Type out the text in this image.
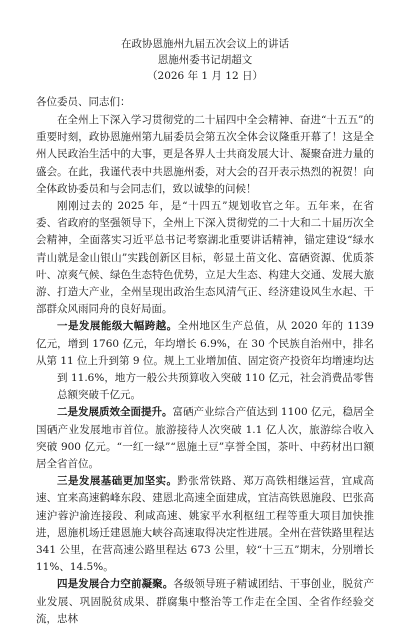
在政协恩施州九届五次会议上的讲话
恩施州委书记胡超文
（2026 年 1 月 12 日）
各位委员、同志们：

在全州上下深入学习贯彻党的二十届四中全会精神、奋进“十五五”的重要时刻，政协恩施州第九届委员会第五次全体会议隆重开幕了！这是全州人民政治生活中的大事，更是各界人士共商发展大计、凝聚奋进力量的盛会。在此，我谨代表中共恩施州委，对大会的召开表示热烈的祝贺！向全体政协委员和与会同志们，致以诚挚的问候！

刚刚过去的 2025 年，是“十四五”规划收官之年。五年来，在省委、省政府的坚强领导下，全州上下深入贯彻党的二十大和二十届历次全会精神，全面落实习近平总书记考察湖北重要讲话精神，锚定建设“绿水青山就是金山银山”实践创新区目标，彰显土苗文化、富硒资源、优质茶叶、凉爽气候、绿色生态特色优势，立足大生态、构建大交通、发展大旅游、打造大产业，全州呈现出政治生态风清气正、经济建设风生水起、干部群众风雨同舟的良好局面。

一是发展能级大幅跨越。全州地区生产总值，从 2020 年的 1139 亿元，增到 1760 亿元，年均增长 6.9%，在 30 个民族自治州中，排名从第 11 位上升到第 9 位。规上工业增加值、固定资产投资年均增速均达

到 11.6%，地方一般公共预算收入突破 110 亿元，社会消费品零售总额突破千亿元。

二是发展质效全面提升。富硒产业综合产值达到 1100 亿元，稳居全国硒产业发展地市首位。旅游接待人次突破 1.1 亿人次，旅游综合收入突破 900 亿元。“一红一绿”“恩施土豆”享誉全国，茶叶、中药材出口额居全省首位。

三是发展基础更加坚实。黔张常铁路、郑万高铁相继运营，宜咸高速、宜来高速鹤峰东段、建恩北高速全面建成，宜洁高铁恩施段、巴张高速沪蓉沪渝连接段、利咸高速、姚家平水利枢纽工程等重大项目加快推进，恩施机场迁建恩施大峡谷高速取得决定性进展。全州在营铁路里程达 341 公里，在营高速公路里程达 673 公里，较“十三五”期末，分别增长 11%、14.5%。

四是发展合力空前凝聚。各级领导班子精诚团结、干事创业，脱贫产业发展、巩固脱贫成果、群腐集中整治等工作走在全国、全省作经验交流，忠林
